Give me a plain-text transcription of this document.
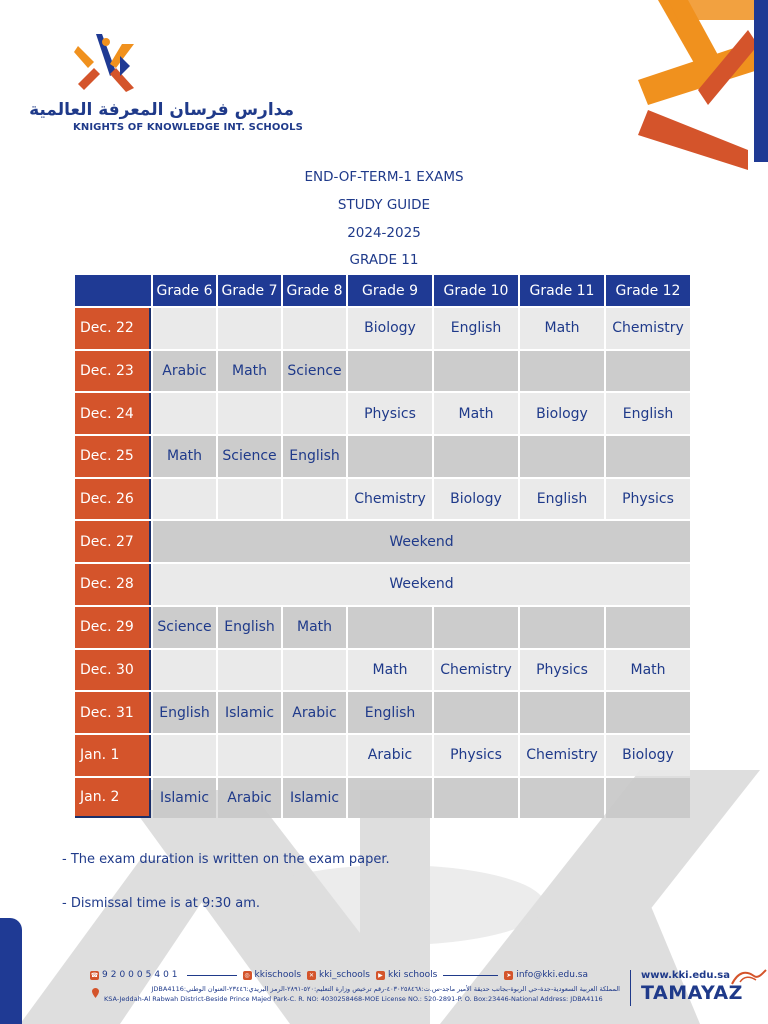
مدارس فرسان المعرفة العالمية
KNIGHTS OF KNOWLEDGE INT. SCHOOLS
END-OF-TERM-1 EXAMS
STUDY GUIDE
2024-2025
GRADE 11
	Grade 6	Grade 7	Grade 8	Grade 9	Grade 10	Grade 11	Grade 12
Dec. 22				Biology	English	Math	Chemistry
Dec. 23	Arabic	Math	Science				
Dec. 24				Physics	Math	Biology	English
Dec. 25	Math	Science	English				
Dec. 26				Chemistry	Biology	English	Physics
Dec. 27	Weekend						
Dec. 28	Weekend						
Dec. 29	Science	English	Math				
Dec. 30				Math	Chemistry	Physics	Math
Dec. 31	English	Islamic	Arabic	English			
Jan. 1				Arabic	Physics	Chemistry	Biology
Jan. 2	Islamic	Arabic	Islamic				
- The exam duration is written on the exam paper.
- Dismissal time is at 9:30 am.
☎ 920005401	◎ kkischools	✕ kki_schools	▶ kki schools	➤ info@kki.edu.sa
المملكة العربية السعودية-جدة-حي الربوة-بجانب حديقة الأمير ماجد-س.ت:٤٠٣٠٢٥٨٤٦٨-رقم ترخيص وزارة التعليم:٥٢٠-٢٨٩١-الرمز البريدي:٢٣٤٤٦-العنوان الوطني:JDBA4116
KSA-Jeddah-Al Rabwah District-Beside Prince Majed Park-C. R. NO: 4030258468-MOE License NO.: 520-2891-P. O. Box:23446-National Address: JDBA4116
www.kki.edu.sa
TAMAYAZ
